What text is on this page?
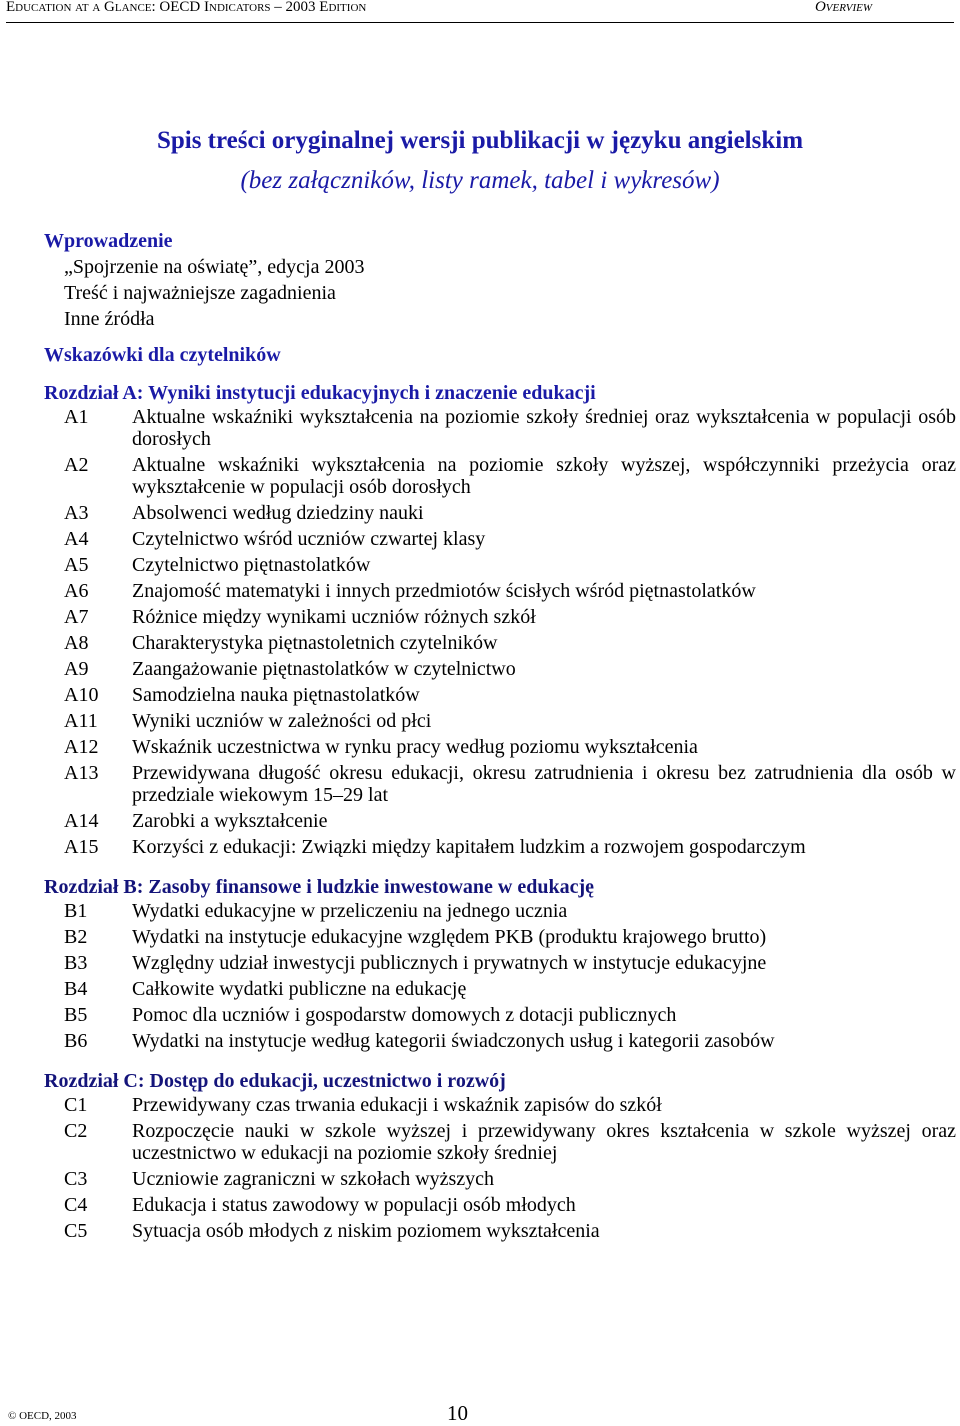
Education at a Glance: OECD Indicators – 2003 Edition	Overview
Spis treści oryginalnej wersji publikacji w języku angielskim
(bez załączników, listy ramek, tabel i wykresów)
Wprowadzenie
„Spojrzenie na oświatę”, edycja 2003
Treść i najważniejsze zagadnienia
Inne źródła
Wskazówki dla czytelników
Rozdział A: Wyniki instytucji edukacyjnych i znaczenie edukacji
A1	Aktualne wskaźniki wykształcenia na poziomie szkoły średniej oraz wykształcenia w populacji osób dorosłych
A2	Aktualne wskaźniki wykształcenia na poziomie szkoły wyższej, współczynniki przeżycia oraz wykształcenie w populacji osób dorosłych
A3	Absolwenci według dziedziny nauki
A4	Czytelnictwo wśród uczniów czwartej klasy
A5	Czytelnictwo piętnastolatków
A6	Znajomość matematyki i innych przedmiotów ścisłych wśród piętnastolatków
A7	Różnice między wynikami uczniów różnych szkół
A8	Charakterystyka piętnastoletnich czytelników
A9	Zaangażowanie piętnastolatków w czytelnictwo
A10	Samodzielna nauka piętnastolatków
A11	Wyniki uczniów w zależności od płci
A12	Wskaźnik uczestnictwa w rynku pracy według poziomu wykształcenia
A13	Przewidywana długość okresu edukacji, okresu zatrudnienia i okresu bez zatrudnienia dla osób w przedziale wiekowym 15–29 lat
A14	Zarobki a wykształcenie
A15	Korzyści z edukacji: Związki między kapitałem ludzkim a rozwojem gospodarczym
Rozdział B: Zasoby finansowe i ludzkie inwestowane w edukację
B1	Wydatki edukacyjne w przeliczeniu na jednego ucznia
B2	Wydatki na instytucje edukacyjne względem PKB (produktu krajowego brutto)
B3	Względny udział inwestycji publicznych i prywatnych w instytucje edukacyjne
B4	Całkowite wydatki publiczne na edukację
B5	Pomoc dla uczniów i gospodarstw domowych z dotacji publicznych
B6	Wydatki na instytucje według kategorii świadczonych usług i kategorii zasobów
Rozdział C: Dostęp do edukacji, uczestnictwo i rozwój
C1	Przewidywany czas trwania edukacji i wskaźnik zapisów do szkół
C2	Rozpoczęcie nauki w szkole wyższej i przewidywany okres kształcenia w szkole wyższej oraz uczestnictwo w edukacji na poziomie szkoły średniej
C3	Uczniowie zagraniczni w szkołach wyższych
C4	Edukacja i status zawodowy w populacji osób młodych
C5	Sytuacja osób młodych z niskim poziomem wykształcenia
© OECD, 2003	10
